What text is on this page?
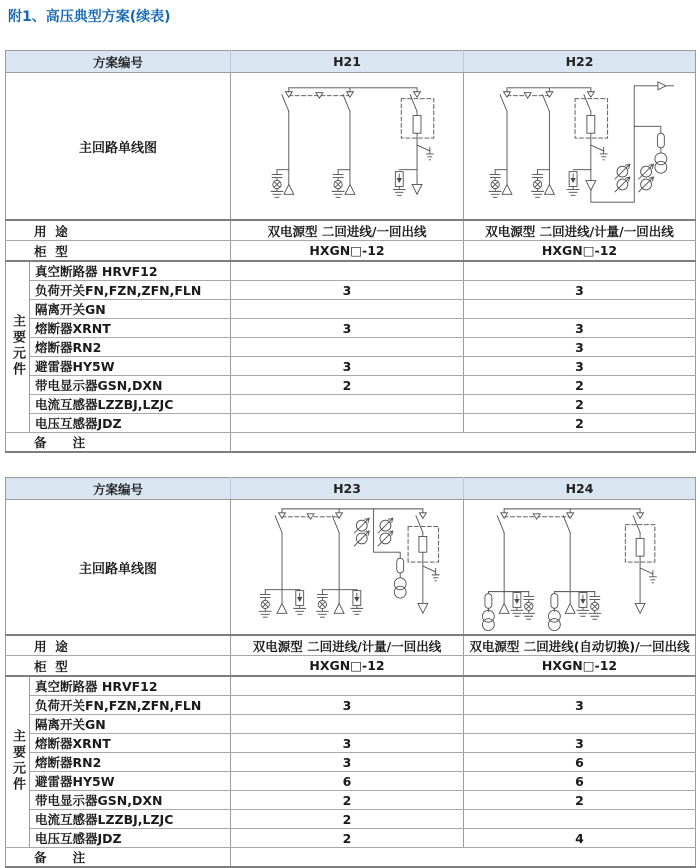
附1、高压典型方案(续表)
方案编号		H21	H22
主回路单线图	

用  途		双电源型 二回进线/一回出线	双电源型 二回进线/计量/一回出线
柜  型		HXGN□-12	HXGN□-12
主要元件	真空断路器 HRVF12		
	负荷开关FN,FZN,ZFN,FLN	3	3
	隔离开关GN		
	熔断器XRNT	3	3
	熔断器RN2		3
	避雷器HY5W	3	3
	带电显示器GSN,DXN	2	2
	电流互感器LZZBJ,LZJC		2
	电压互感器JDZ		2
备      注			
方案编号		H23	H24
主回路单线图	

用  途		双电源型 二回进线/计量/一回出线	双电源型 二回进线(自动切换)/一回出线
柜  型		HXGN□-12	HXGN□-12
主要元件	真空断路器 HRVF12		
	负荷开关FN,FZN,ZFN,FLN	3	3
	隔离开关GN		
	熔断器XRNT	3	3
	熔断器RN2	3	6
	避雷器HY5W	6	6
	带电显示器GSN,DXN	2	2
	电流互感器LZZBJ,LZJC	2	
	电压互感器JDZ	2	4
备      注			
